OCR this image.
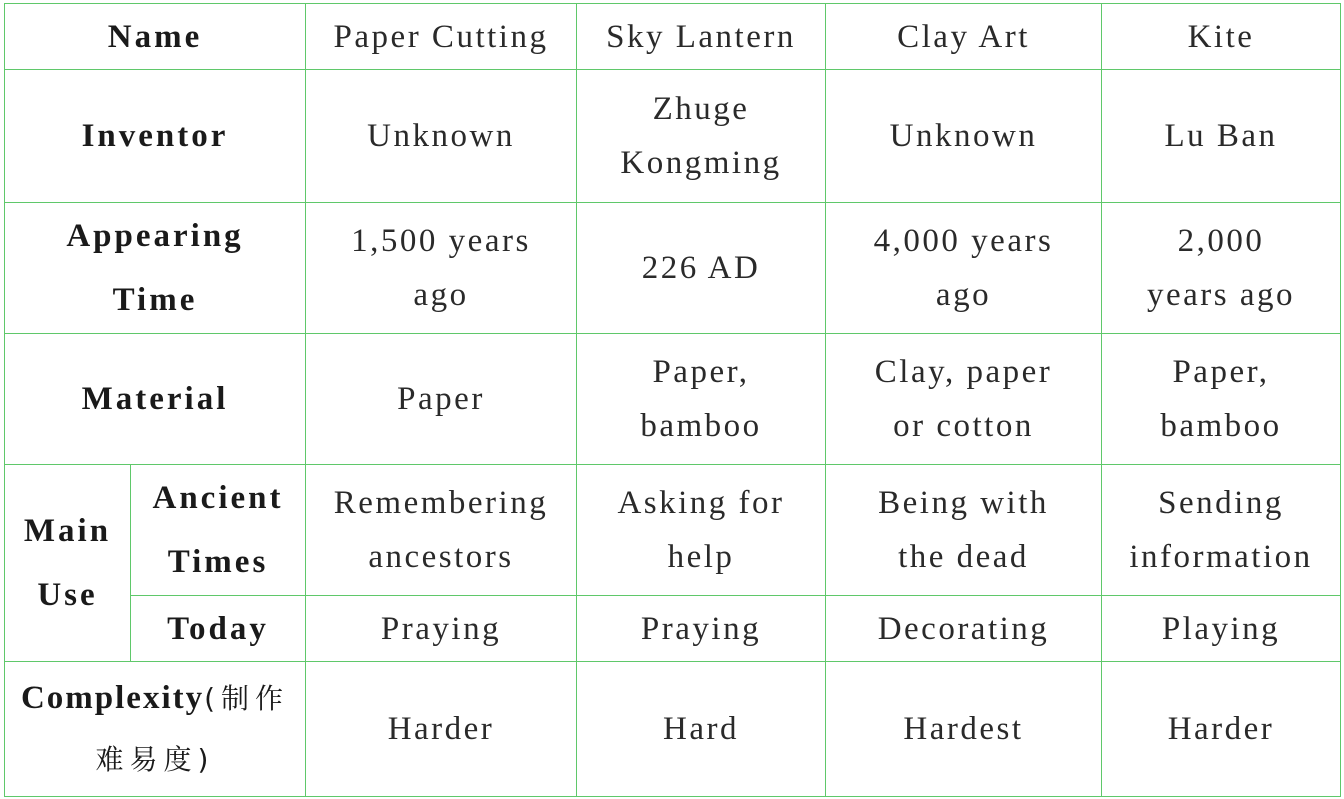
Name		Paper Cutting	Sky Lantern	Clay Art	Kite
Inventor		Unknown	Zhuge Kongming	Unknown	Lu Ban
Appearing Time		1,500 years ago	226 AD	4,000 years ago	2,000 years ago
Material		Paper	Paper, bamboo	Clay, paper or cotton	Paper, bamboo
Main Use	Ancient Times	Remembering ancestors	Asking for help	Being with the dead	Sending information
	Today	Praying	Praying	Decorating	Playing
Complexity(制作难易度)		Harder	Hard	Hardest	Harder
